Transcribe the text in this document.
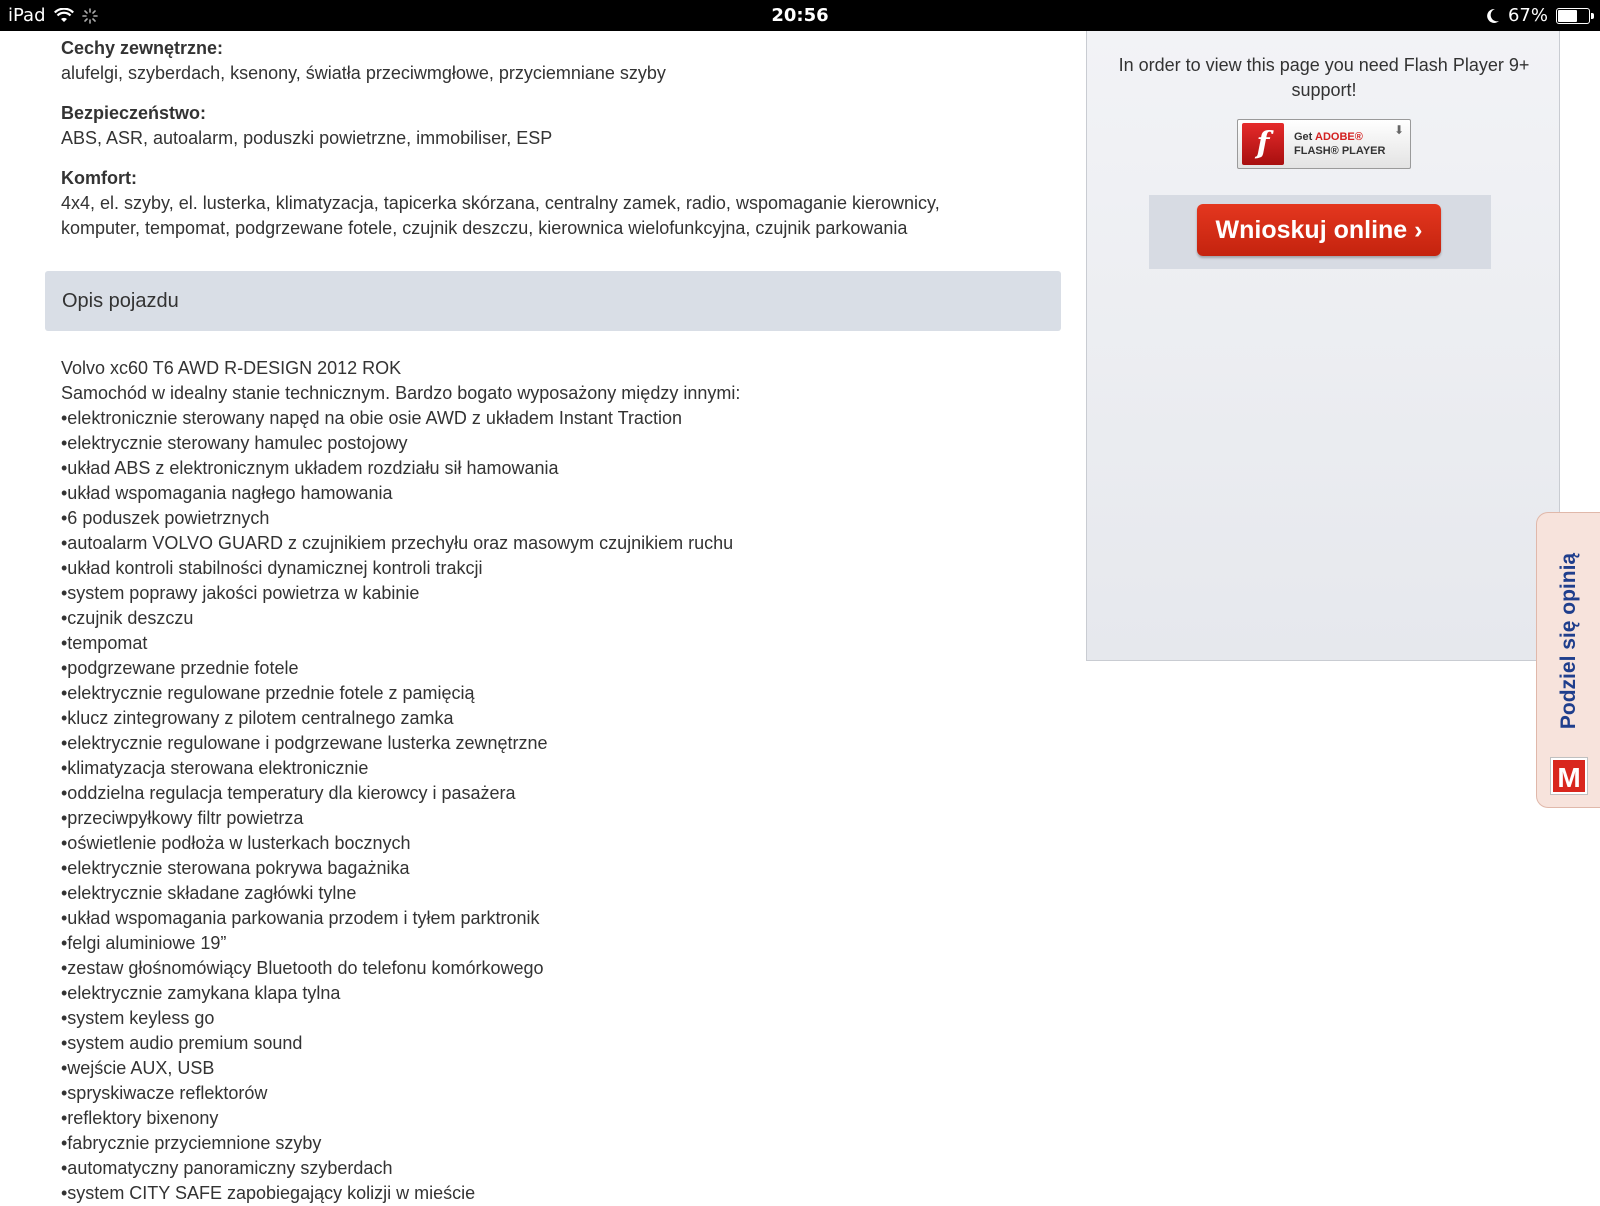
iPad	20:56	67%
Cechy zewnętrzne:

alufelgi, szyberdach, ksenony, światła przeciwmgłowe, przyciemniane szyby

Bezpieczeństwo:

ABS, ASR, autoalarm, poduszki powietrzne, immobiliser, ESP

Komfort:

4x4, el. szyby, el. lusterka, klimatyzacja, tapicerka skórzana, centralny zamek, radio, wspomaganie kierownicy,

komputer, tempomat, podgrzewane fotele, czujnik deszczu, kierownica wielofunkcyjna, czujnik parkowania

Opis pojazdu
Volvo xc60 T6 AWD R-DESIGN 2012 ROK
Samochód w idealny stanie technicznym. Bardzo bogato wyposażony między innymi:
•elektronicznie sterowany napęd na obie osie AWD z układem Instant Traction
•elektrycznie sterowany hamulec postojowy
•układ ABS z elektronicznym układem rozdziału sił hamowania
•układ wspomagania nagłego hamowania
•6 poduszek powietrznych
•autoalarm VOLVO GUARD z czujnikiem przechyłu oraz masowym czujnikiem ruchu
•układ kontroli stabilności dynamicznej kontroli trakcji
•system poprawy jakości powietrza w kabinie
•czujnik deszczu
•tempomat
•podgrzewane przednie fotele
•elektrycznie regulowane przednie fotele z pamięcią
•klucz zintegrowany z pilotem centralnego zamka
•elektrycznie regulowane i podgrzewane lusterka zewnętrzne
•klimatyzacja sterowana elektronicznie
•oddzielna regulacja temperatury dla kierowcy i pasażera
•przeciwpyłkowy filtr powietrza
•oświetlenie podłoża w lusterkach bocznych
•elektrycznie sterowana pokrywa bagażnika
•elektrycznie składane zagłówki tylne
•układ wspomagania parkowania przodem i tyłem parktronik
•felgi aluminiowe 19”
•zestaw głośnomówiący Bluetooth do telefonu komórkowego
•elektrycznie zamykana klapa tylna
•system keyless go
•system audio premium sound
•wejście AUX, USB
•spryskiwacze reflektorów
•reflektory bixenony
•fabrycznie przyciemnione szyby
•automatyczny panoramiczny szyberdach
•system CITY SAFE zapobiegający kolizji w mieście
In order to view this page you need Flash Player 9+ support!
f	Get ADOBE®
FLASH® PLAYER
⬇
Wnioskuj online ›
Podziel się opinią
M
